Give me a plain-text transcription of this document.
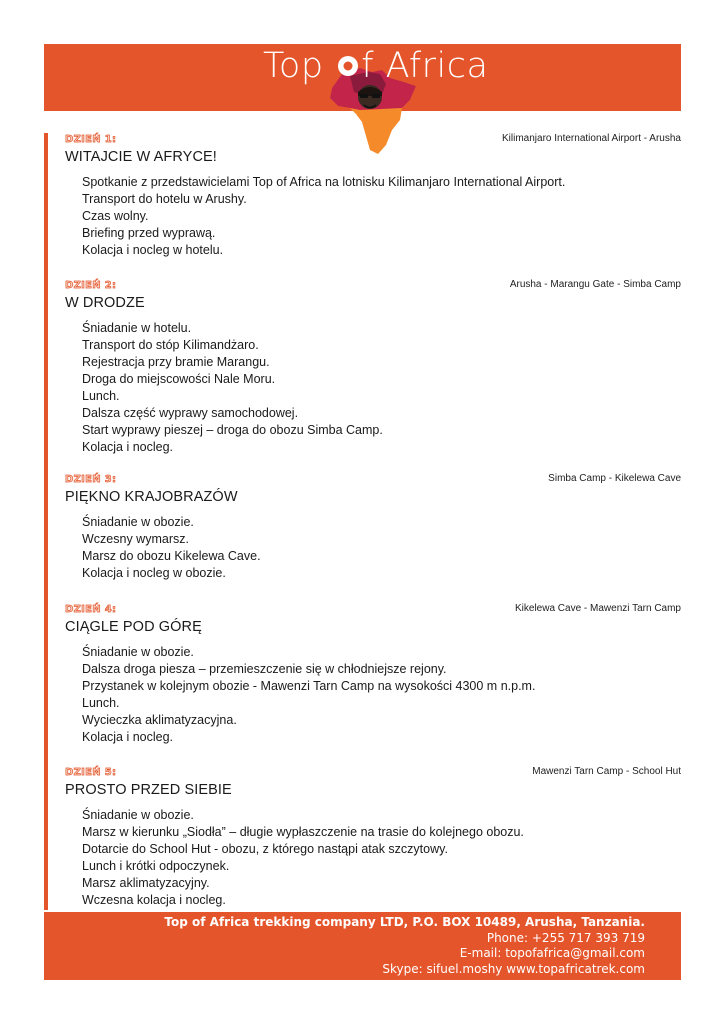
Top f Africa
DZIEŃ 1:	Kilimanjaro International Airport - Arusha
WITAJCIE W AFRYCE!
Spotkanie z przedstawicielami Top of Africa na lotnisku Kilimanjaro International Airport.
Transport do hotelu w Arushy.
Czas wolny.
Briefing przed wyprawą.
Kolacja i nocleg w hotelu.
DZIEŃ 2:	Arusha - Marangu Gate - Simba Camp
W DRODZE
Śniadanie w hotelu.
Transport do stóp Kilimandżaro.
Rejestracja przy bramie Marangu.
Droga do miejscowości Nale Moru.
Lunch.
Dalsza część wyprawy samochodowej.
Start wyprawy pieszej – droga do obozu Simba Camp.
Kolacja i nocleg.
DZIEŃ 3:	Simba Camp - Kikelewa Cave
PIĘKNO KRAJOBRAZÓW
Śniadanie w obozie.
Wczesny wymarsz.
Marsz do obozu Kikelewa Cave.
Kolacja i nocleg w obozie.
DZIEŃ 4:	Kikelewa Cave - Mawenzi Tarn Camp
CIĄGLE POD GÓRĘ
Śniadanie w obozie.
Dalsza droga piesza – przemieszczenie się w chłodniejsze rejony.
Przystanek w kolejnym obozie - Mawenzi Tarn Camp na wysokości 4300 m n.p.m.
Lunch.
Wycieczka aklimatyzacyjna.
Kolacja i nocleg.
DZIEŃ 5:	Mawenzi Tarn Camp - School Hut
PROSTO PRZED SIEBIE
Śniadanie w obozie.
Marsz w kierunku „Siodła” – długie wypłaszczenie na trasie do kolejnego obozu.
Dotarcie do School Hut - obozu, z którego nastąpi atak szczytowy.
Lunch i krótki odpoczynek.
Marsz aklimatyzacyjny.
Wczesna kolacja i nocleg.
Top of Africa trekking company LTD, P.O. BOX 10489, Arusha, Tanzania.
Phone: +255 717 393 719
E-mail: topofafrica@gmail.com
Skype: sifuel.moshy www.topafricatrek.com
